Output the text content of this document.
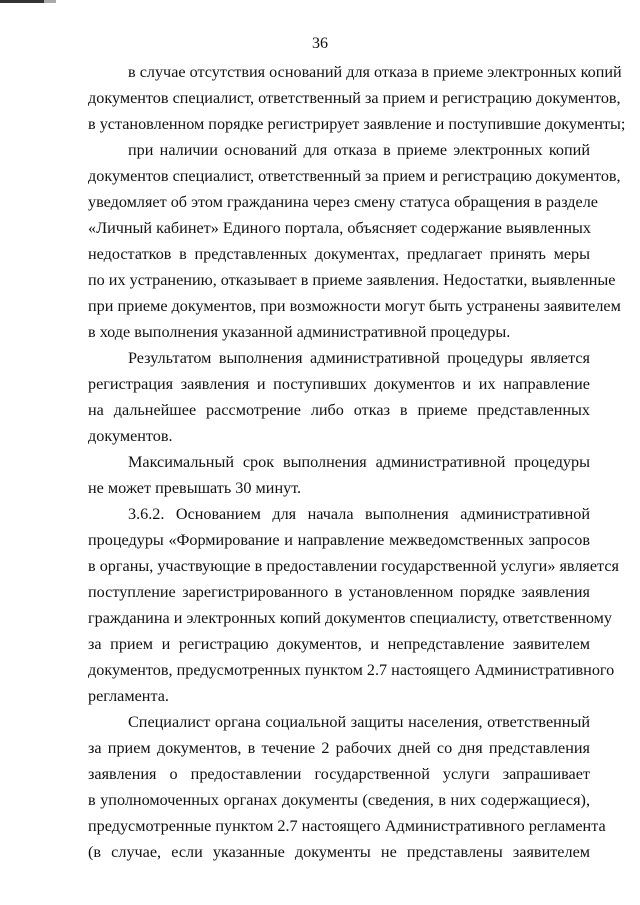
36
в случае отсутствия оснований для отказа в приеме электронных копий
документов специалист, ответственный за прием и регистрацию документов,
в установленном порядке регистрирует заявление и поступившие документы;
при наличии оснований для отказа в приеме электронных копий
документов специалист, ответственный за прием и регистрацию документов,
уведомляет об этом гражданина через смену статуса обращения в разделе
«Личный кабинет» Единого портала, объясняет содержание выявленных
недостатков в представленных документах, предлагает принять меры
по их устранению, отказывает в приеме заявления. Недостатки, выявленные
при приеме документов, при возможности могут быть устранены заявителем
в ходе выполнения указанной административной процедуры.
Результатом выполнения административной процедуры является
регистрация заявления и поступивших документов и их направление
на дальнейшее рассмотрение либо отказ в приеме представленных
документов.
Максимальный срок выполнения административной процедуры
не может превышать 30 минут.
3.6.2. Основанием для начала выполнения административной
процедуры «Формирование и направление межведомственных запросов
в органы, участвующие в предоставлении государственной услуги» является
поступление зарегистрированного в установленном порядке заявления
гражданина и электронных копий документов специалисту, ответственному
за прием и регистрацию документов, и непредставление заявителем
документов, предусмотренных пунктом 2.7 настоящего Административного
регламента.
Специалист органа социальной защиты населения, ответственный
за прием документов, в течение 2 рабочих дней со дня представления
заявления о предоставлении государственной услуги запрашивает
в уполномоченных органах документы (сведения, в них содержащиеся),
предусмотренные пунктом 2.7 настоящего Административного регламента
(в случае, если указанные документы не представлены заявителем
